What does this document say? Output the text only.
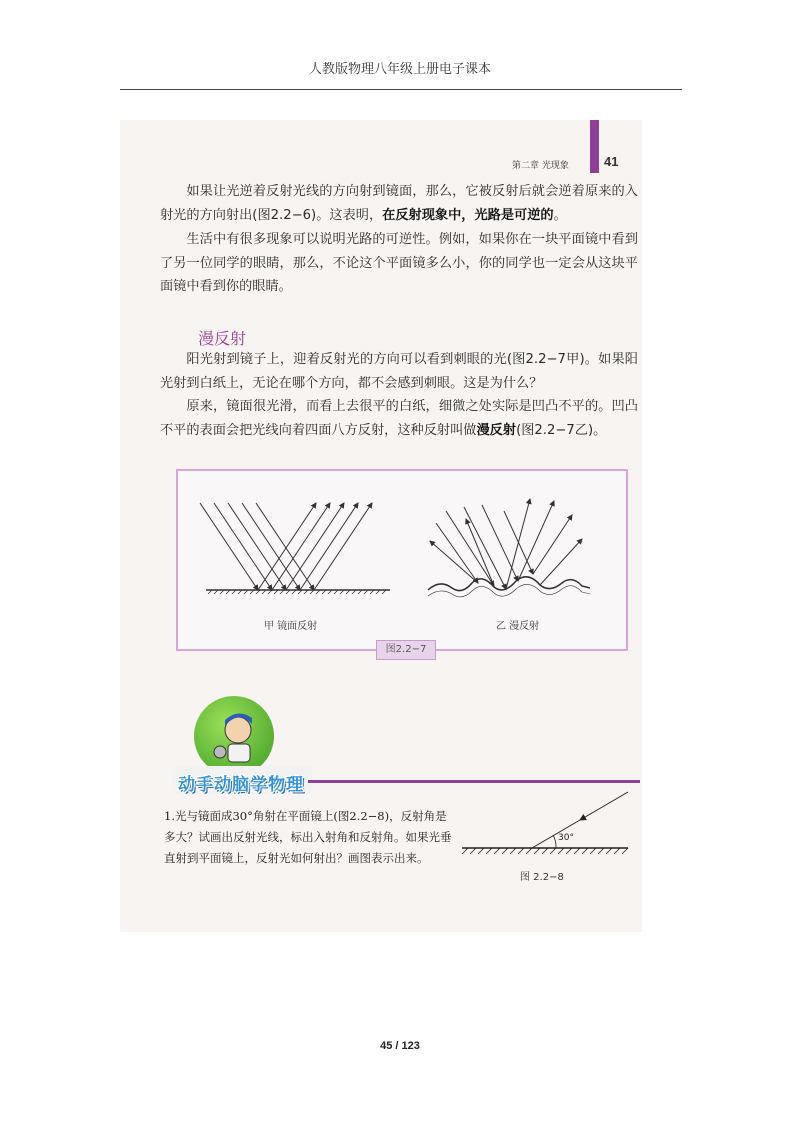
人教版物理八年级上册电子课本
第二章 光现象	41

如果让光逆着反射光线的方向射到镜面，那么，它被反射后就会逆着原来的入射光的方向射出(图2.2−6)。这表明，在反射现象中，光路是可逆的。

生活中有很多现象可以说明光路的可逆性。例如，如果你在一块平面镜中看到了另一位同学的眼睛，那么，不论这个平面镜多么小，你的同学也一定会从这块平面镜中看到你的眼睛。

漫反射

阳光射到镜子上，迎着反射光的方向可以看到刺眼的光(图2.2−7甲)。如果阳光射到白纸上，无论在哪个方向，都不会感到刺眼。这是为什么？

原来，镜面很光滑，而看上去很平的白纸，细微之处实际是凹凸不平的。凹凸不平的表面会把光线向着四面八方反射，这种反射叫做漫反射(图2.2−7乙)。

甲 镜面反射	乙 漫反射
图2.2−7
动手动脑学物理

1.光与镜面成30°角射在平面镜上(图2.2−8)，反射角是多大？试画出反射光线，标出入射角和反射角。如果光垂直射到平面镜上，反射光如何射出？画图表示出来。

30°
图 2.2−8
45 / 123
